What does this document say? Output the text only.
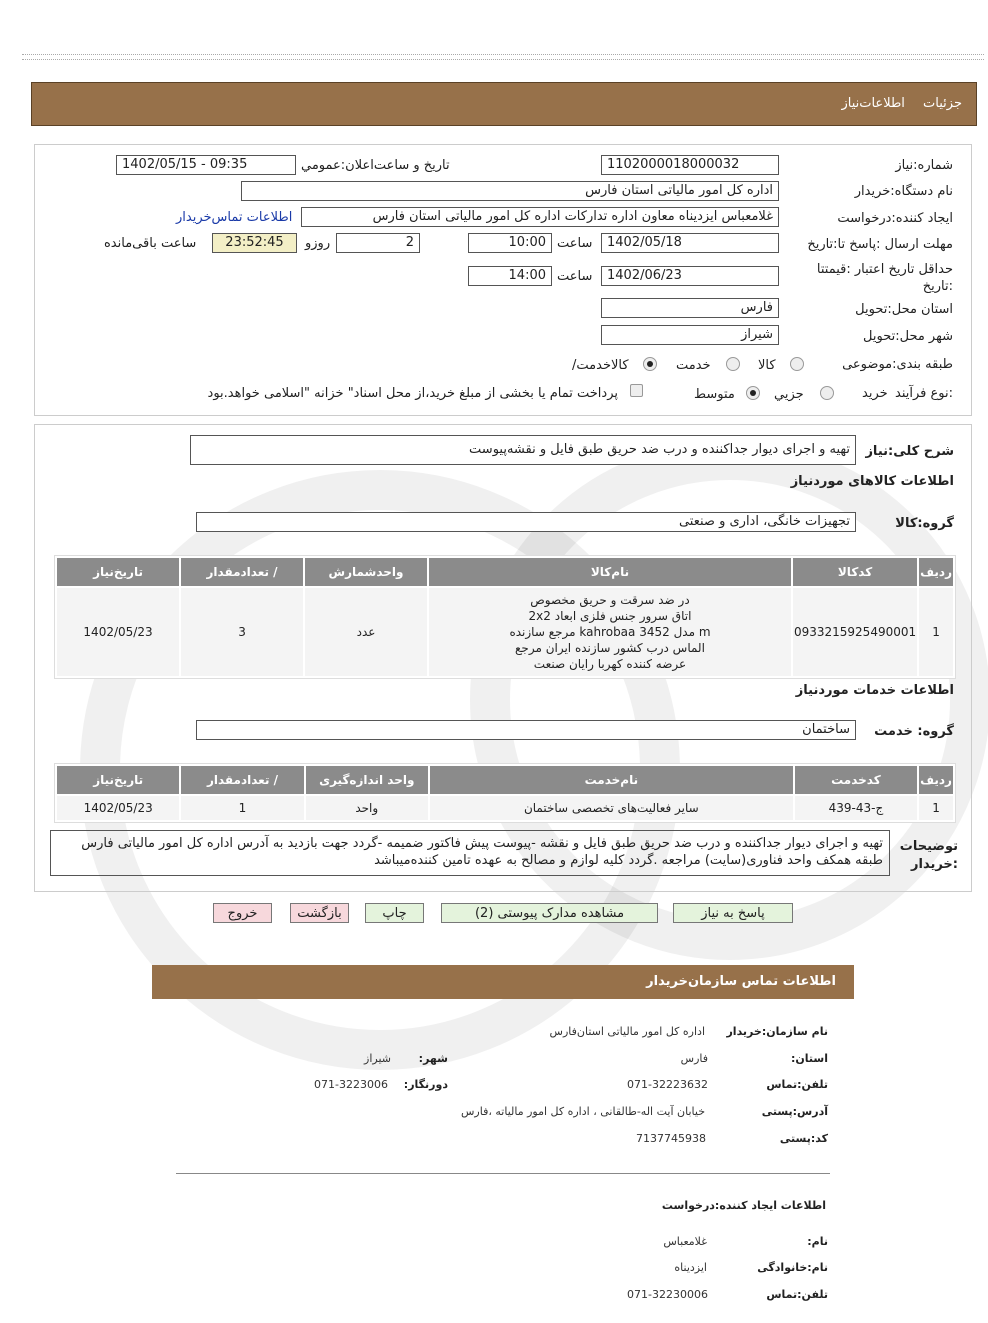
جزئیات اطلاعات‌نیاز
شماره:نیاز
1102000018000032
تاریخ و ساعت‌اعلان:عمومي
1402/05/15 - 09:35
نام دستگاه:خریدار
اداره کل امور مالیاتی استان فارس
ایجاد کننده:درخواست
غلامعباس ایزدیناه معاون اداره تدارکات اداره کل امور مالیاتی استان فارس
اطلاعات تماس‌خریدار
مهلت ارسال :پاسخ تا:تاریخ
1402/05/18
ساعت
10:00
2
روزو
23:52:45
ساعت باقی‌مانده
حداقل تاریخ اعتبار :قیمتتا :تاریخ
1402/06/23
ساعت
14:00
استان محل:تحویل
فارس
شهر محل:تحویل
شیراز
طبقه بندی:موضوعی
کالا
خدمت
/کالاخدمت
نوع فرآیند:
خرید
جزيي
متوسط
پرداخت تمام یا بخشی از مبلغ خرید،از محل اسناد" خزانه "اسلامی خواهد.بود
شرح کلی:نیاز
تهیه و اجرای دیوار جداکننده و درب ضد حریق طبق فایل و نقشه‌پیوست
اطلاعات کالاهای موردنیاز
گروه:کالا
تجهیزات خانگی، اداری و صنعتی
ردیف	کدکالا	نام‌کالا	واحدشمارش	/ تعدادمقدار	تاریخ‌نیاز
1	0933215925490001	در ضد سرقت و حریق مخصوص
اتاق سرور جنس فلزی ابعاد 2x2
m مدل kahrobaa 3452 مرجع سازنده
الماس درب کشور سازنده ایران مرجع
عرضه کننده کهربا رایان صنعت	عدد	3	1402/05/23
اطلاعات خدمات موردنیاز
گروه: خدمت
ساختمان
ردیف	کدخدمت	نام‌خدمت	واحد اندازه‌گیری	/ تعدادمقدار	تاریخ‌نیاز
1	ج-43-439	سایر فعالیت‌های تخصصی ساختمان	واحد	1	1402/05/23
توضیحات :خریدار
تهیه و اجرای دیوار جداکننده و درب ضد حریق طبق فایل و نقشه -پیوست پیش فاکتور ضمیمه -گردد جهت بازدید به آدرس اداره کل امور مالیاتی فارس طبقه همکف واحد فناوری(سایت) مراجعه .گردد کلیه لوازم و مصالح به عهده تامین کننده‌میباشد
پاسخ به نیاز
مشاهده مدارک پیوستی (2)
چاپ
بازگشت
خروج
اطلاعات تماس سازمان‌خریدار
نام سازمان:خریدار
اداره کل امور مالیاتی استان‌فارس
:استان
فارس
:شهر
شیراز
تلفن:تماس
071-32223632
:دورنگار
071-3223006
آدرس:پستی
خیابان آیت اله-طالقانی ، اداره کل امور مالیاته ،فارس
کد:پستی
7137745938
اطلاعات ایجاد کننده:درخواست
:نام
غلامعباس
نام:خانوادگی
ایزدیناه
تلفن:تماس
071-32230006
